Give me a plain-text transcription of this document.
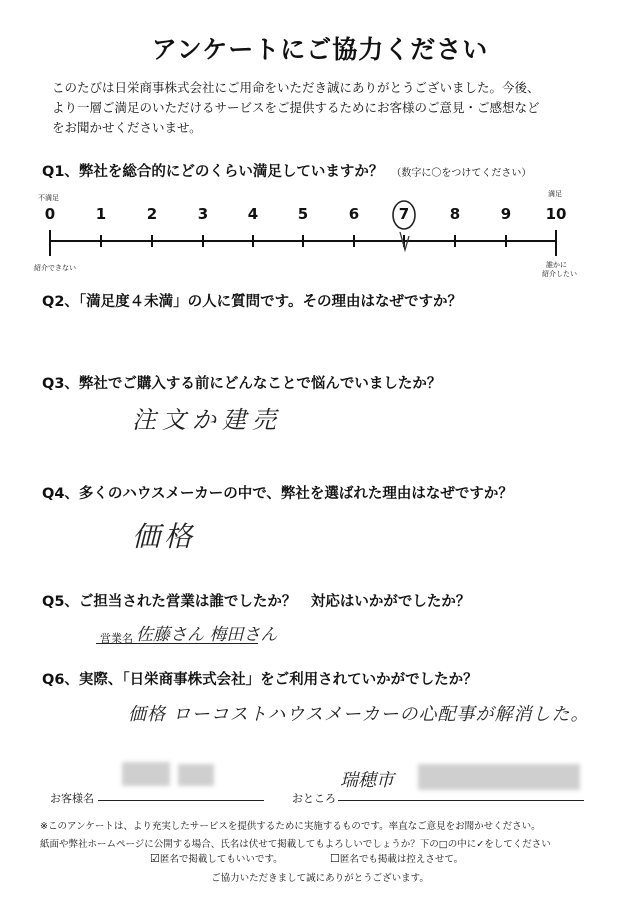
アンケートにご協力ください
このたびは日栄商事株式会社にご用命をいただき誠にありがとうございました。今後、
より一層ご満足のいただけるサービスをご提供するためにお客様のご意見・ご感想など
をお聞かせくださいませ。
Q1、弊社を総合的にどのくらい満足していますか？ （数字に〇をつけてください）
不満足	満足
0	1	2	3	4	5	6	7	8	9	10
紹介できない	誰かに
紹介したい
Q2、「満足度４未満」の人に質問です。その理由はなぜですか？
Q3、弊社でご購入する前にどんなことで悩んでいましたか？
注文か建売
Q4、多くのハウスメーカーの中で、弊社を選ばれた理由はなぜですか？
価格
Q5、ご担当された営業は誰でしたか？　対応はいかがでしたか？
営業名 佐藤さん 梅田さん
Q6、実際、「日栄商事株式会社」をご利用されていかがでしたか？
価格 ローコストハウスメーカーの心配事が解消した。
お客様名	おところ
瑞穂市
※このアンケートは、より充実したサービスを提供するために実施するものです。率直なご意見をお聞かせください。
紙面や弊社ホームページに公開する場合、氏名は伏せて掲載してもよろしいでしょうか？下の□の中に✓をしてください
☑匿名で掲載してもいいです。	☐匿名でも掲載は控えさせて。
ご協力いただきまして誠にありがとうございます。
